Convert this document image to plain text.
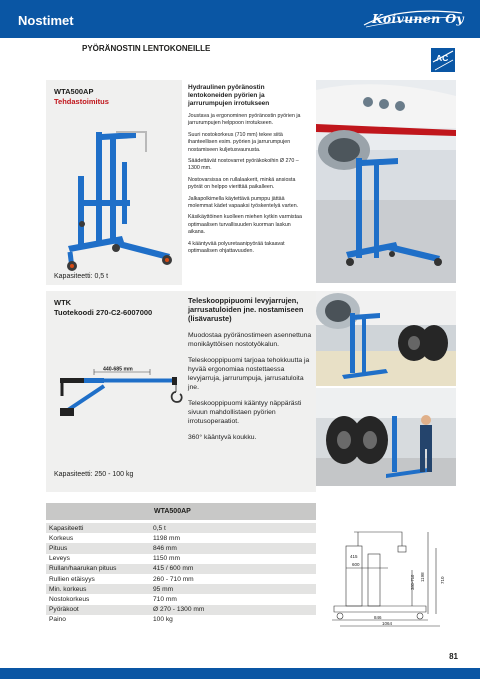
Nostimet	Koivunen Oy
PYÖRÄNOSTIN LENTOKONEILLE
AC
WTA500AP
Tehdastoimitus
Kapasiteetti: 0,5 t
Hydraulinen pyöränostin lentokoneiden pyörien ja jarrurumpujen irrotukseen

Joustava ja ergonominen pyöränostin pyörien ja jarrurumpujen helppoon irrotukseen.

Suuri nostokorkeus (710 mm) tekee siitä ihanteellisen esim. pyörien ja jarrurumpujen nostamiseen kuljetusvaunusta.

Säädettävät nostovarret pyöräkokoihin Ø 270 – 1300 mm.

Nostovarsissa on rullalaakerit, minkä ansiosta pyörät on helppo vierittää paikalleen.

Jalkapolkimella käytettävä pumppu jättää molemmat kädet vapaaksi työskentelyä varten.

Käsikäyttöinen kuolleen miehen kytkin varmistaa optimaalisen turvallisuuden kuorman laskun aikana.

4 kääntyvää polyuretaanipyörää takaavat optimaalisen ohjattavuuden.

WTK
Tuotekoodi 270-C2-6007000
Kapasiteetti: 250 - 100 kg
440-685 mm
Teleskooppipuomi levyjarrujen, jarrusatuloiden jne. nostamiseen (lisävaruste)

Muodostaa pyöränostimeen asennettuna monikäyttöisen nostotyökalun.

Teleskooppipuomi tarjoaa tehokkuutta ja hyvää ergonomiaa nostettaessa levyjarruja, jarrurumpuja, jarrusatuloita jne.

Teleskooppipuomi kääntyy näppärästi sivuun mahdollistaen pyörien irrotusoperaatiot.

360° kääntyvä koukku.

WTA500AP
Kapasiteetti	0,5 t
Korkeus	1198 mm
Pituus	846 mm
Leveys	1150 mm
Rullan/haarukan pituus	415 / 600 mm
Rullien etäisyys	260 - 710 mm
Min. korkeus	95 mm
Nostokorkeus	710 mm
Pyöräkoot	Ø 270 - 1300 mm
Paino	100 kg
415
600
380-710 1198	710
846
1064
81
